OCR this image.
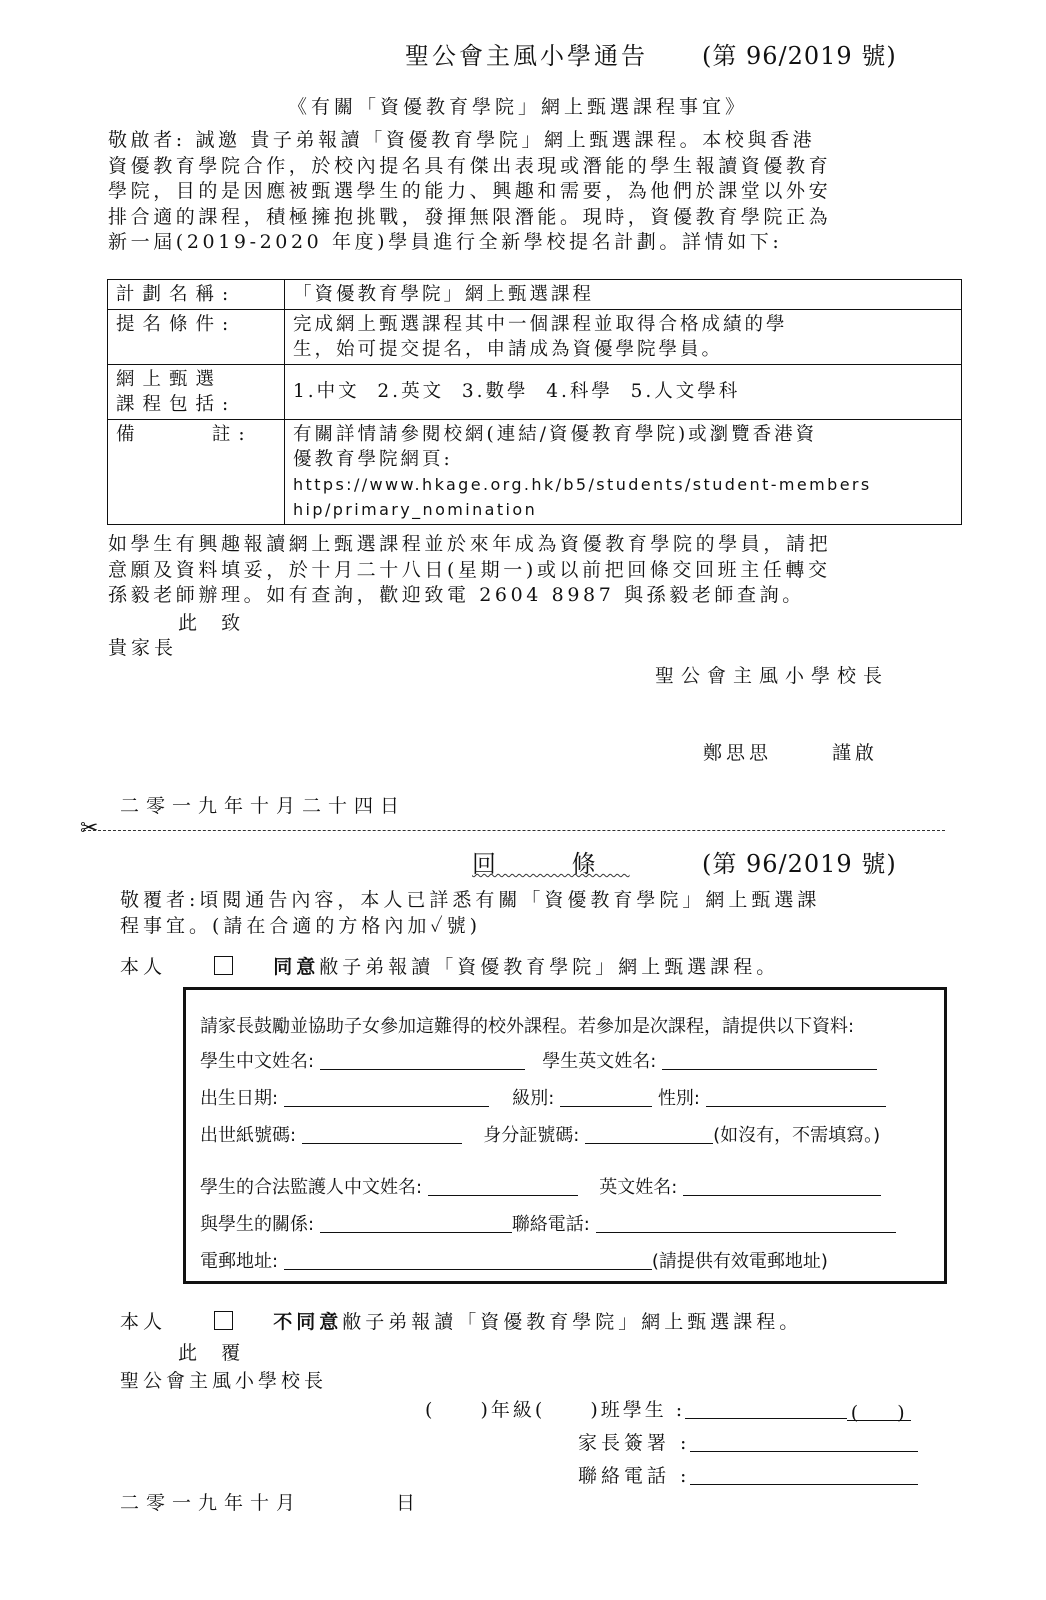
聖公會主風小學通告 (第 96/2019 號)
《有關「資優教育學院」網上甄選課程事宜》
敬啟者: 誠邀 貴子弟報讀「資優教育學院」網上甄選課程。本校與香港
資優教育學院合作，於校內提名具有傑出表現或潛能的學生報讀資優教育
學院，目的是因應被甄選學生的能力、興趣和需要，為他們於課堂以外安
排合適的課程，積極擁抱挑戰，發揮無限潛能。現時，資優教育學院正為
新一屆(2019-2020 年度)學員進行全新學校提名計劃。詳情如下:
計劃名稱:	「資優教育學院」網上甄選課程

提名條件:	完成網上甄選課程其中一個課程並取得合格成績的學
生，始可提交提名，申請成為資優學院學員。

網上甄選
課程包括:	1.中文  2.英文  3.數學  4.科學  5.人文學科

備     註:	有關詳情請參閱校網(連結/資優教育學院)或瀏覽香港資
優教育學院網頁:
https://www.hkage.org.hk/b5/students/student-members
hip/primary_nomination
如學生有興趣報讀網上甄選課程並於來年成為資優教育學院的學員，請把
意願及資料填妥，於十月二十八日(星期一)或以前把回條交回班主任轉交
孫毅老師辦理。如有查詢，歡迎致電 2604 8987 與孫毅老師查詢。
此  致
貴家長
聖公會主風小學校長
鄭思思	謹啟
二零一九年十月二十四日
✂
回 條	(第 96/2019 號)
敬覆者:頃閱通告內容，本人已詳悉有關「資優教育學院」網上甄選課
程事宜。(請在合適的方格內加✓號)
本人	同意敝子弟報讀「資優教育學院」網上甄選課程。
請家長鼓勵並協助子女參加這難得的校外課程。若參加是次課程，請提供以下資料:
學生中文姓名:	學生英文姓名:
出生日期:	級別:	性別:
出世紙號碼:	身分証號碼:	(如沒有，不需填寫。)
學生的合法監護人中文姓名:	英文姓名:
與學生的關係:	聯絡電話:
電郵地址:	(請提供有效電郵地址)
本人	不同意敝子弟報讀「資優教育學院」網上甄選課程。
此  覆
聖公會主風小學校長
( )年級( )班學生 :	(    )
家長簽署 :
聯絡電話 :
二零一九年十月	日
